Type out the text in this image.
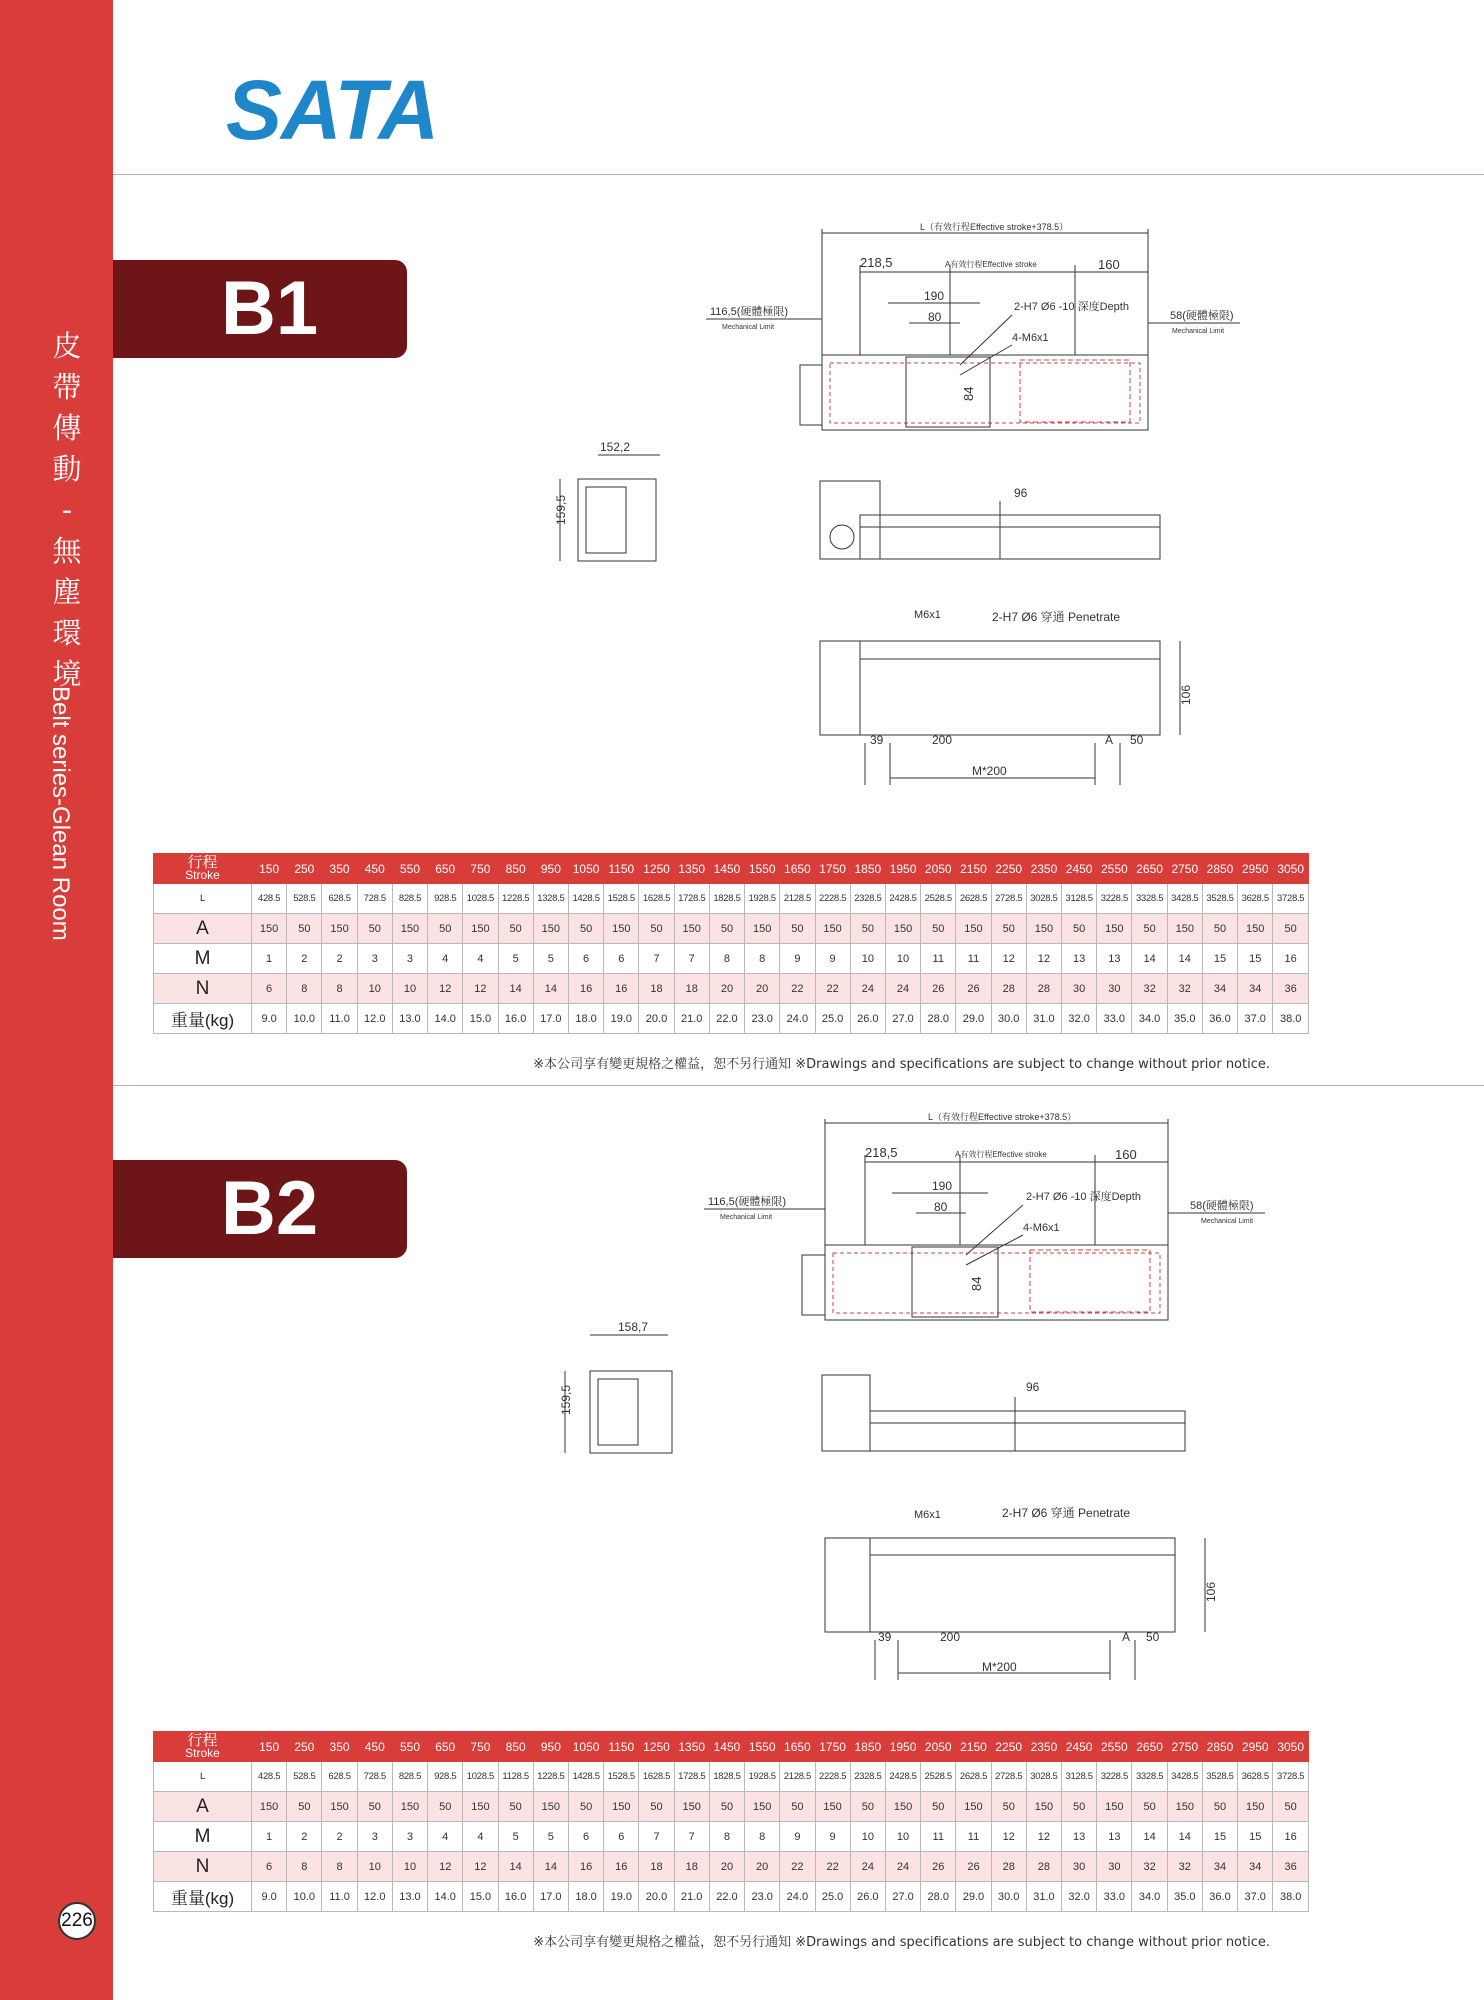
皮
帶
傳
動
-
無
塵
環
境
Belt series-Glean Room
226
SATA
B1
B2
L（有效行程Effective stroke+378.5）
218,5	A有效行程Effective stroke	160
116,5(硬體極限)
Mechanical Limit
58(硬體極限)
Mechanical Limit
190
80
2-H7 Ø6 -10 深度Depth
4-M6x1
84
152,2
159,5
96
M6x1	2-H7 Ø6 穿通 Penetrate
106
39	200	A 50
M*200
行程
Stroke	150	250	350	450	550	650	750	850	950	1050	1150	1250	1350	1450	1550	1650	1750	1850	1950	2050	2150	2250	2350	2450	2550	2650	2750	2850	2950	3050
L	428.5	528.5	628.5	728.5	828.5	928.5	1028.5	1228.5	1328.5	1428.5	1528.5	1628.5	1728.5	1828.5	1928.5	2128.5	2228.5	2328.5	2428.5	2528.5	2628.5	2728.5	3028.5	3128.5	3228.5	3328.5	3428.5	3528.5	3628.5	3728.5
A	150	50	150	50	150	50	150	50	150	50	150	50	150	50	150	50	150	50	150	50	150	50	150	50	150	50	150	50	150	50
M	1	2	2	3	3	4	4	5	5	6	6	7	7	8	8	9	9	10	10	11	11	12	12	13	13	14	14	15	15	16
N	6	8	8	10	10	12	12	14	14	16	16	18	18	20	20	22	22	24	24	26	26	28	28	30	30	32	32	34	34	36
重量(kg)	9.0	10.0	11.0	12.0	13.0	14.0	15.0	16.0	17.0	18.0	19.0	20.0	21.0	22.0	23.0	24.0	25.0	26.0	27.0	28.0	29.0	30.0	31.0	32.0	33.0	34.0	35.0	36.0	37.0	38.0
※本公司享有變更規格之權益，恕不另行通知 ※Drawings and specifications are subject to change without prior notice.
L（有效行程Effective stroke+378.5）
218,5	A有效行程Effective stroke	160
116,5(硬體極限)
Mechanical Limit
58(硬體極限)
Mechanical Limit
190
80
2-H7 Ø6 -10 深度Depth
4-M6x1
84
158,7
159,5	96
M6x1	2-H7 Ø6 穿通 Penetrate
106
39	200	A 50
M*200
行程
Stroke	150	250	350	450	550	650	750	850	950	1050	1150	1250	1350	1450	1550	1650	1750	1850	1950	2050	2150	2250	2350	2450	2550	2650	2750	2850	2950	3050
L	428.5	528.5	628.5	728.5	828.5	928.5	1028.5	1128.5	1228.5	1428.5	1528.5	1628.5	1728.5	1828.5	1928.5	2128.5	2228.5	2328.5	2428.5	2528.5	2628.5	2728.5	3028.5	3128.5	3228.5	3328.5	3428.5	3528.5	3628.5	3728.5
A	150	50	150	50	150	50	150	50	150	50	150	50	150	50	150	50	150	50	150	50	150	50	150	50	150	50	150	50	150	50
M	1	2	2	3	3	4	4	5	5	6	6	7	7	8	8	9	9	10	10	11	11	12	12	13	13	14	14	15	15	16
N	6	8	8	10	10	12	12	14	14	16	16	18	18	20	20	22	22	24	24	26	26	28	28	30	30	32	32	34	34	36
重量(kg)	9.0	10.0	11.0	12.0	13.0	14.0	15.0	16.0	17.0	18.0	19.0	20.0	21.0	22.0	23.0	24.0	25.0	26.0	27.0	28.0	29.0	30.0	31.0	32.0	33.0	34.0	35.0	36.0	37.0	38.0
※本公司享有變更規格之權益，恕不另行通知 ※Drawings and specifications are subject to change without prior notice.
